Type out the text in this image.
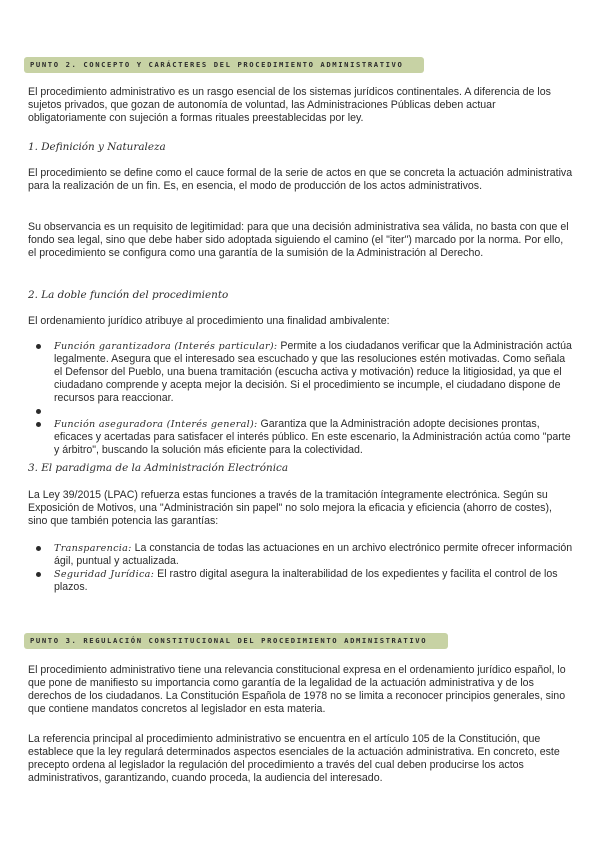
PUNTO 2. CONCEPTO Y CARÁCTERES DEL PROCEDIMIENTO ADMINISTRATIVO

El procedimiento administrativo es un rasgo esencial de los sistemas jurídicos continentales. A diferencia de los sujetos privados, que gozan de autonomía de voluntad, las Administraciones Públicas deben actuar obligatoriamente con sujeción a formas rituales preestablecidas por ley.

1. Definición y Naturaleza

El procedimiento se define como el cauce formal de la serie de actos en que se concreta la actuación administrativa para la realización de un fin. Es, en esencia, el modo de producción de los actos administrativos.

Su observancia es un requisito de legitimidad: para que una decisión administrativa sea válida, no basta con que el fondo sea legal, sino que debe haber sido adoptada siguiendo el camino (el "iter") marcado por la norma. Por ello, el procedimiento se configura como una garantía de la sumisión de la Administración al Derecho.

2. La doble función del procedimiento

El ordenamiento jurídico atribuye al procedimiento una finalidad ambivalente:

Función garantizadora (Interés particular): Permite a los ciudadanos verificar que la Administración actúa legalmente. Asegura que el interesado sea escuchado y que las resoluciones estén motivadas. Como señala el Defensor del Pueblo, una buena tramitación (escucha activa y motivación) reduce la litigiosidad, ya que el ciudadano comprende y acepta mejor la decisión. Si el procedimiento se incumple, el ciudadano dispone de recursos para reaccionar.
Función aseguradora (Interés general): Garantiza que la Administración adopte decisiones prontas, eficaces y acertadas para satisfacer el interés público. En este escenario, la Administración actúa como "parte y árbitro", buscando la solución más eficiente para la colectividad.
3. El paradigma de la Administración Electrónica

La Ley 39/2015 (LPAC) refuerza estas funciones a través de la tramitación íntegramente electrónica. Según su Exposición de Motivos, una "Administración sin papel" no solo mejora la eficacia y eficiencia (ahorro de costes), sino que también potencia las garantías:

Transparencia: La constancia de todas las actuaciones en un archivo electrónico permite ofrecer información ágil, puntual y actualizada.
Seguridad Jurídica: El rastro digital asegura la inalterabilidad de los expedientes y facilita el control de los plazos.
PUNTO 3. REGULACIÓN CONSTITUCIONAL DEL PROCEDIMIENTO ADMINISTRATIVO

El procedimiento administrativo tiene una relevancia constitucional expresa en el ordenamiento jurídico español, lo que pone de manifiesto su importancia como garantía de la legalidad de la actuación administrativa y de los derechos de los ciudadanos. La Constitución Española de 1978 no se limita a reconocer principios generales, sino que contiene mandatos concretos al legislador en esta materia.

La referencia principal al procedimiento administrativo se encuentra en el artículo 105 de la Constitución, que establece que la ley regulará determinados aspectos esenciales de la actuación administrativa. En concreto, este precepto ordena al legislador la regulación del procedimiento a través del cual deben producirse los actos administrativos, garantizando, cuando proceda, la audiencia del interesado.
